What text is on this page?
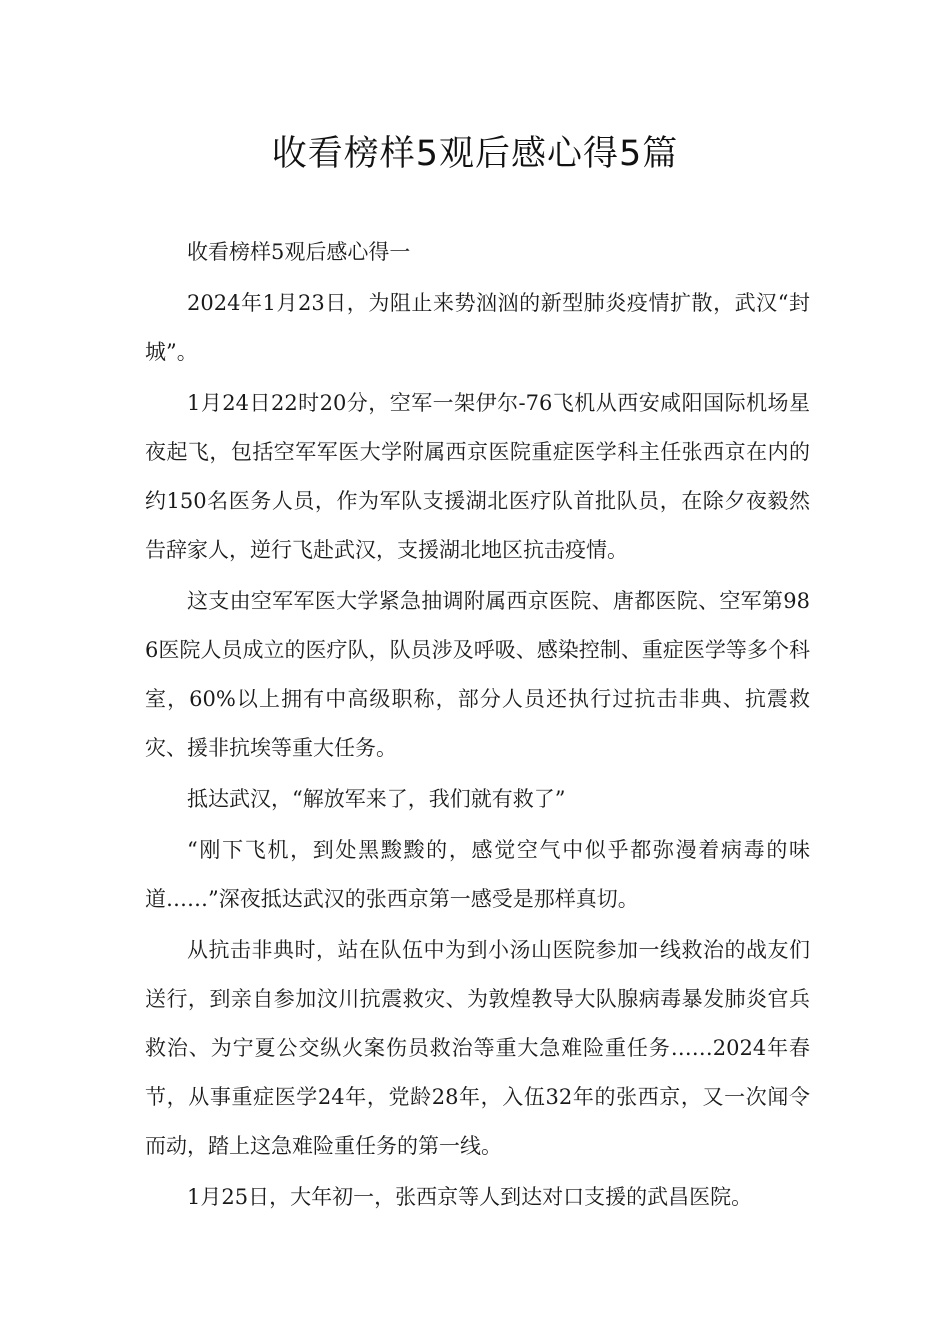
收看榜样5观后感心得5篇

收看榜样5观后感心得一

2024年1月23日，为阻止来势汹汹的新型肺炎疫情扩散，武汉“封城”。

1月24日22时20分，空军一架伊尔-76飞机从西安咸阳国际机场星夜起飞，包括空军军医大学附属西京医院重症医学科主任张西京在内的约150名医务人员，作为军队支援湖北医疗队首批队员，在除夕夜毅然告辞家人，逆行飞赴武汉，支援湖北地区抗击疫情。

这支由空军军医大学紧急抽调附属西京医院、唐都医院、空军第986医院人员成立的医疗队，队员涉及呼吸、感染控制、重症医学等多个科室，60%以上拥有中高级职称，部分人员还执行过抗击非典、抗震救灾、援非抗埃等重大任务。

抵达武汉，“解放军来了，我们就有救了”

“刚下飞机，到处黑黢黢的，感觉空气中似乎都弥漫着病毒的味道……”深夜抵达武汉的张西京第一感受是那样真切。

从抗击非典时，站在队伍中为到小汤山医院参加一线救治的战友们送行，到亲自参加汶川抗震救灾、为敦煌教导大队腺病毒暴发肺炎官兵救治、为宁夏公交纵火案伤员救治等重大急难险重任务……2024年春节，从事重症医学24年，党龄28年，入伍32年的张西京，又一次闻令而动，踏上这急难险重任务的第一线。

1月25日，大年初一，张西京等人到达对口支援的武昌医院。
